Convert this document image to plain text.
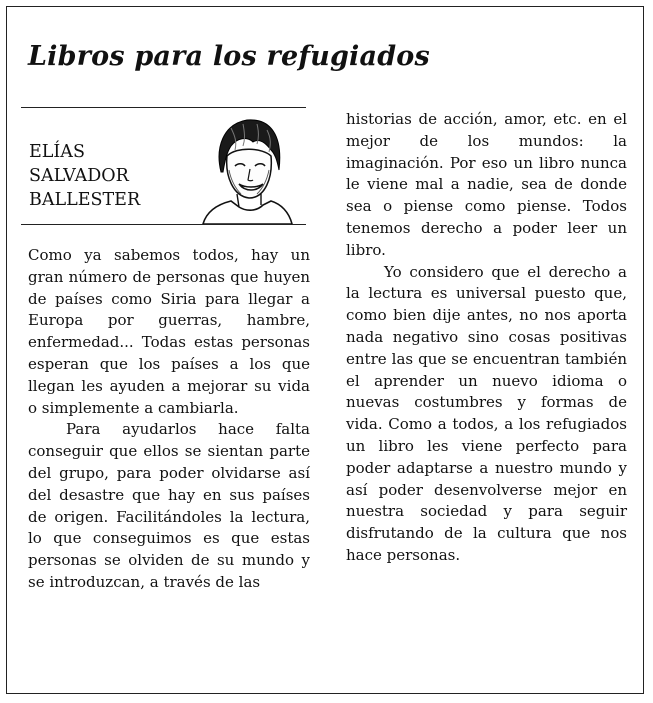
Libros para los refugiados
ELÍAS
SALVADOR
BALLESTER

Como ya sabemos todos, hay un gran número de personas que huyen de países como Siria para llegar a Europa por guerras, hambre, enfermedad... Todas estas personas esperan que los países a los que llegan les ayuden a mejorar su vida o simplemente a cambiarla.

Para ayudarlos hace falta conseguir que ellos se sientan parte del grupo, para poder olvidarse así del desastre que hay en sus países de origen. Facilitándoles la lectura, lo que conseguimos es que estas personas se olviden de su mundo y se introduzcan, a través de las

historias de acción, amor, etc. en el mejor de los mundos: la imaginación. Por eso un libro nunca le viene mal a nadie, sea de donde sea o piense como piense. Todos tenemos derecho a poder leer un libro.

Yo considero que el derecho a la lectura es universal puesto que, como bien dije antes, no nos aporta nada negativo sino cosas positivas entre las que se encuentran también el aprender un nuevo idioma o nuevas costumbres y formas de vida. Como a todos, a los refugiados un libro les viene perfecto para poder adaptarse a nuestro mundo y así poder desenvolverse mejor en nuestra sociedad y para seguir disfrutando de la cultura que nos hace personas.
